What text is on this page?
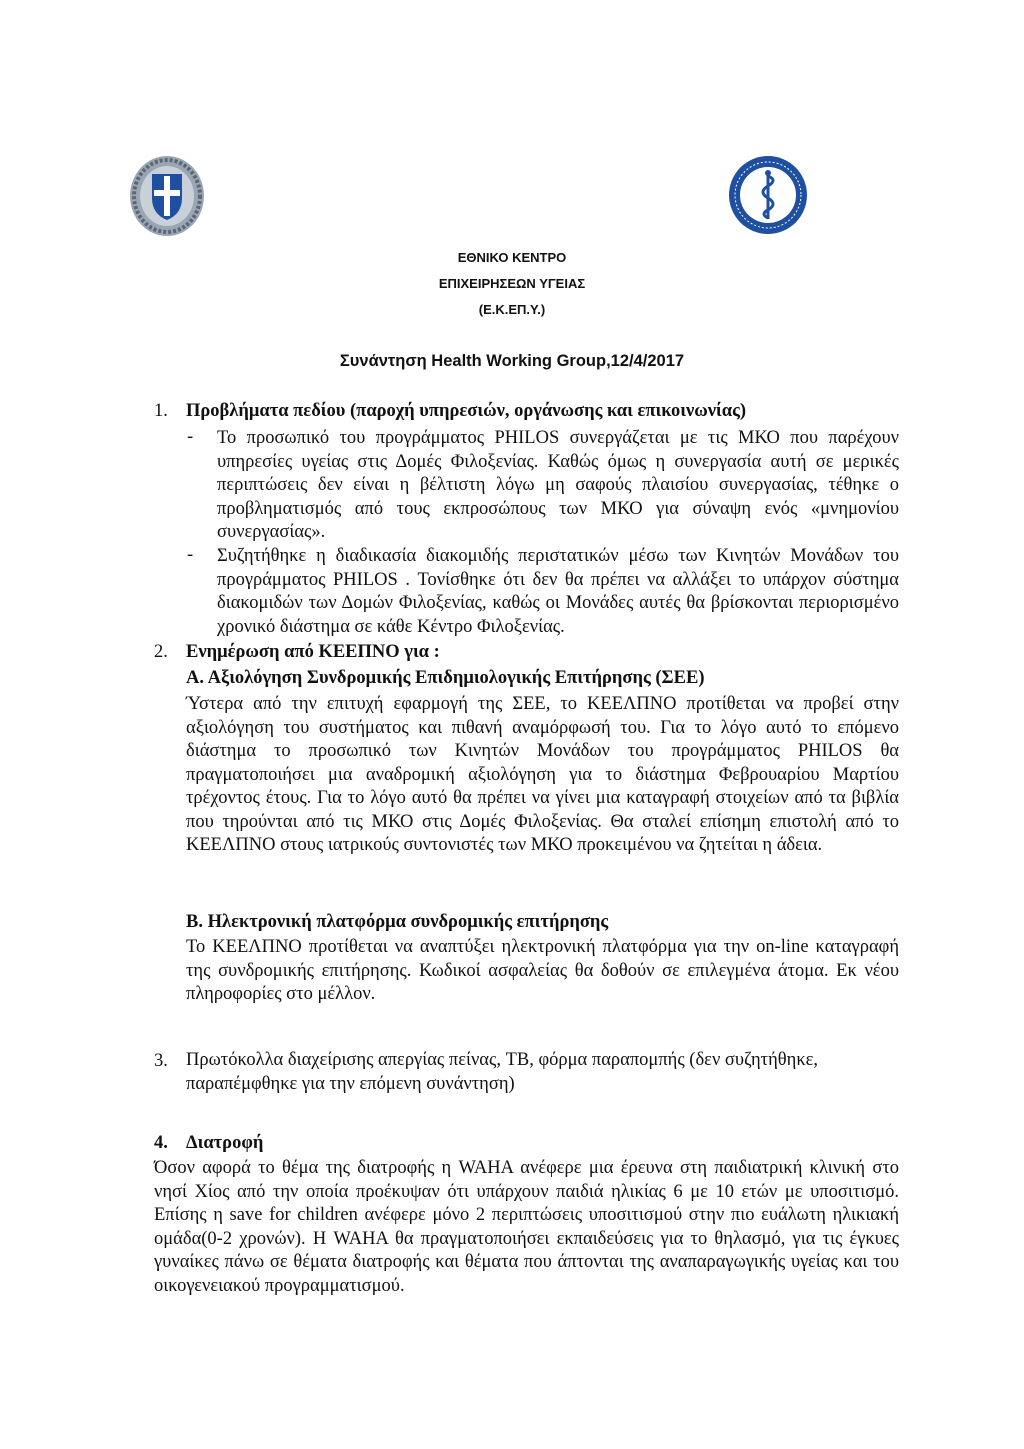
ΕΘΝΙΚΟ ΚΕΝΤΡΟ
ΕΠΙΧΕΙΡΗΣΕΩΝ ΥΓΕΙΑΣ
(Ε.Κ.ΕΠ.Υ.)
Συνάντηση Health Working Group,12/4/2017
1. Προβλήματα πεδίου (παροχή υπηρεσιών, οργάνωσης και επικοινωνίας)
- Το προσωπικό του προγράμματος PHILOS συνεργάζεται με τις ΜΚΟ που παρέχουν υπηρεσίες υγείας στις Δομές Φιλοξενίας. Καθώς όμως η συνεργασία αυτή σε μερικές περιπτώσεις δεν είναι η βέλτιστη λόγω μη σαφούς πλαισίου συνεργασίας, τέθηκε ο προβληματισμός από τους εκπροσώπους των ΜΚΟ για σύναψη ενός «μνημονίου συνεργασίας».
- Συζητήθηκε η διαδικασία διακομιδής περιστατικών μέσω των Κινητών Μονάδων του προγράμματος PHILOS . Τονίσθηκε ότι δεν θα πρέπει να αλλάξει το υπάρχον σύστημα διακομιδών των Δομών Φιλοξενίας, καθώς οι Μονάδες αυτές θα βρίσκονται περιορισμένο χρονικό διάστημα σε κάθε Κέντρο Φιλοξενίας.
2. Ενημέρωση από ΚΕΕΠΝΟ για :
Α. Αξιολόγηση Συνδρομικής Επιδημιολογικής Επιτήρησης (ΣΕΕ)
Ύστερα από την επιτυχή εφαρμογή της ΣΕΕ, το ΚΕΕΛΠΝΟ προτίθεται να προβεί στην αξιολόγηση του συστήματος και πιθανή αναμόρφωσή του. Για το λόγο αυτό το επόμενο διάστημα το προσωπικό των Κινητών Μονάδων του προγράμματος PHILOS θα πραγματοποιήσει μια αναδρομική αξιολόγηση για το διάστημα Φεβρουαρίου Μαρτίου τρέχοντος έτους. Για το λόγο αυτό θα πρέπει να γίνει μια καταγραφή στοιχείων από τα βιβλία που τηρούνται από τις ΜΚΟ στις Δομές Φιλοξενίας. Θα σταλεί επίσημη επιστολή από το ΚΕΕΛΠΝΟ στους ιατρικούς συντονιστές των ΜΚΟ προκειμένου να ζητείται η άδεια.
Β. Ηλεκτρονική πλατφόρμα συνδρομικής επιτήρησης
Το ΚΕΕΛΠΝΟ προτίθεται να αναπτύξει ηλεκτρονική πλατφόρμα για την on-line καταγραφή της συνδρομικής επιτήρησης. Κωδικοί ασφαλείας θα δοθούν σε επιλεγμένα άτομα. Εκ νέου πληροφορίες στο μέλλον.
3. Πρωτόκολλα διαχείρισης απεργίας πείνας, TB, φόρμα παραπομπής (δεν συζητήθηκε, παραπέμφθηκε για την επόμενη συνάντηση)
4. Διατροφή
Όσον αφορά το θέμα της διατροφής η WAHA ανέφερε μια έρευνα στη παιδιατρική κλινική στο νησί Χίος από την οποία προέκυψαν ότι υπάρχουν παιδιά ηλικίας 6 με 10 ετών με υποσιτισμό. Επίσης η save for children ανέφερε μόνο 2 περιπτώσεις υποσιτισμού στην πιο ευάλωτη ηλικιακή ομάδα(0-2 χρονών). Η WAHA θα πραγματοποιήσει εκπαιδεύσεις για το θηλασμό, για τις έγκυες γυναίκες πάνω σε θέματα διατροφής και θέματα που άπτονται της αναπαραγωγικής υγείας και του οικογενειακού προγραμματισμού.
